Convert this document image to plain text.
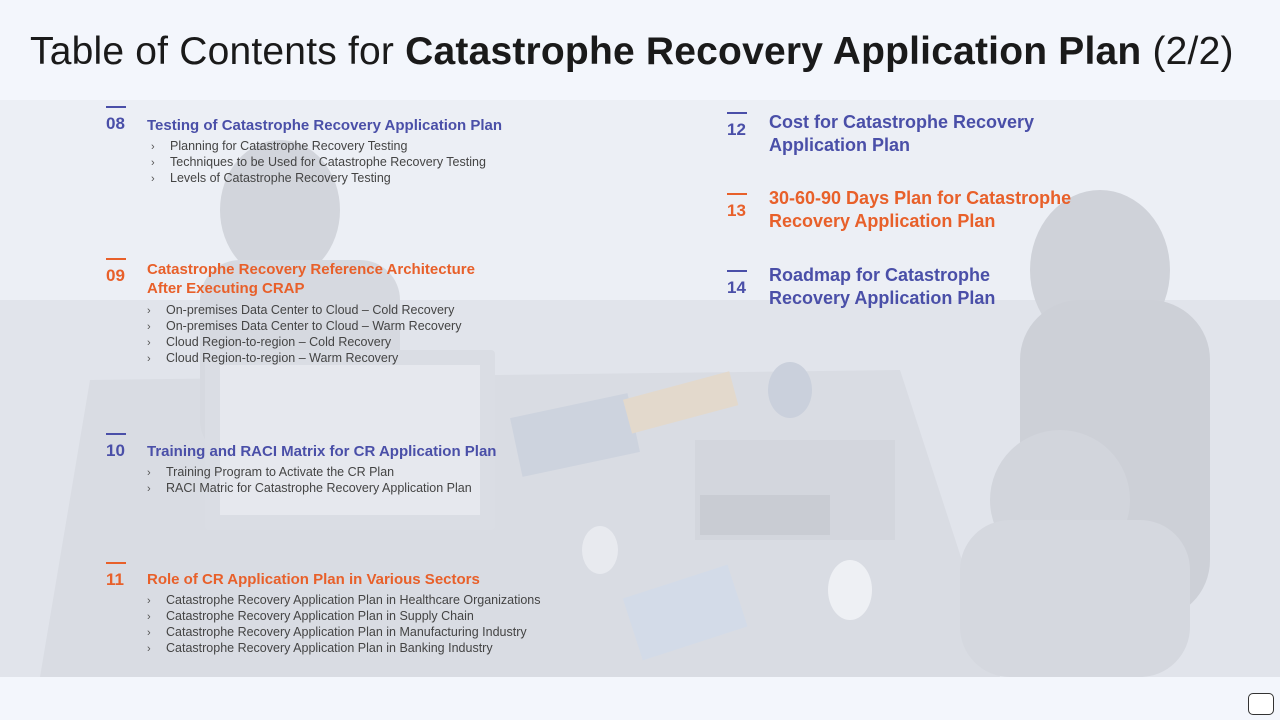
Table of Contents for Catastrophe Recovery Application Plan (2/2)
08 Testing of Catastrophe Recovery Application Plan
› Planning for Catastrophe Recovery Testing
› Techniques to be Used for Catastrophe Recovery Testing
› Levels of Catastrophe Recovery Testing
09 Catastrophe Recovery Reference Architecture
After Executing CRAP
› On-premises Data Center to Cloud – Cold Recovery
› On-premises Data Center to Cloud – Warm Recovery
› Cloud Region-to-region – Cold Recovery
› Cloud Region-to-region – Warm Recovery
10 Training and RACI Matrix for CR Application Plan
› Training Program to Activate the CR Plan
› RACI Matric for Catastrophe Recovery Application Plan
11 Role of CR Application Plan in Various Sectors
› Catastrophe Recovery Application Plan in Healthcare Organizations
› Catastrophe Recovery Application Plan in Supply Chain
› Catastrophe Recovery Application Plan in Manufacturing Industry
› Catastrophe Recovery Application Plan in Banking Industry
12 Cost for Catastrophe Recovery
Application Plan
13
30-60-90 Days Plan for Catastrophe
Recovery Application Plan
14
Roadmap for Catastrophe
Recovery Application Plan
